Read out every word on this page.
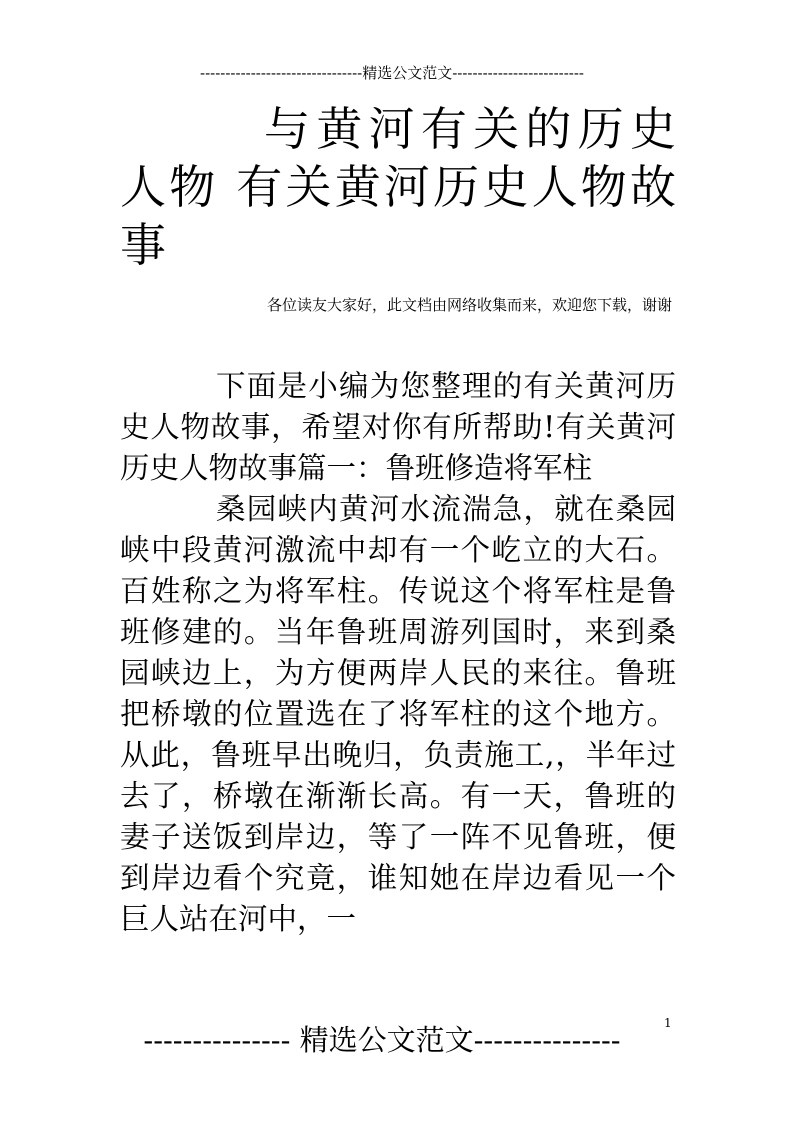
--------------------------------精选公文范文--------------------------
与黄河有关的历史人物 有关黄河历史人物故事
各位读友大家好，此文档由网络收集而来，欢迎您下载，谢谢

下面是小编为您整理的有关黄河历史人物故事，希望对你有所帮助!有关黄河历史人物故事篇一：鲁班修造将军柱

桑园峡内黄河水流湍急，就在桑园峡中段黄河激流中却有一个屹立的大石。百姓称之为将军柱。传说这个将军柱是鲁班修建的。当年鲁班周游列国时，来到桑园峡边上，为方便两岸人民的来往。鲁班把桥墩的位置选在了将军柱的这个地方。从此，鲁班早出晚归，负责施工,，半年过去了，桥墩在渐渐长高。有一天，鲁班的妻子送饭到岸边，等了一阵不见鲁班，便到岸边看个究竟，谁知她在岸边看见一个巨人站在河中，一

1
--------------- 精选公文范文---------------
